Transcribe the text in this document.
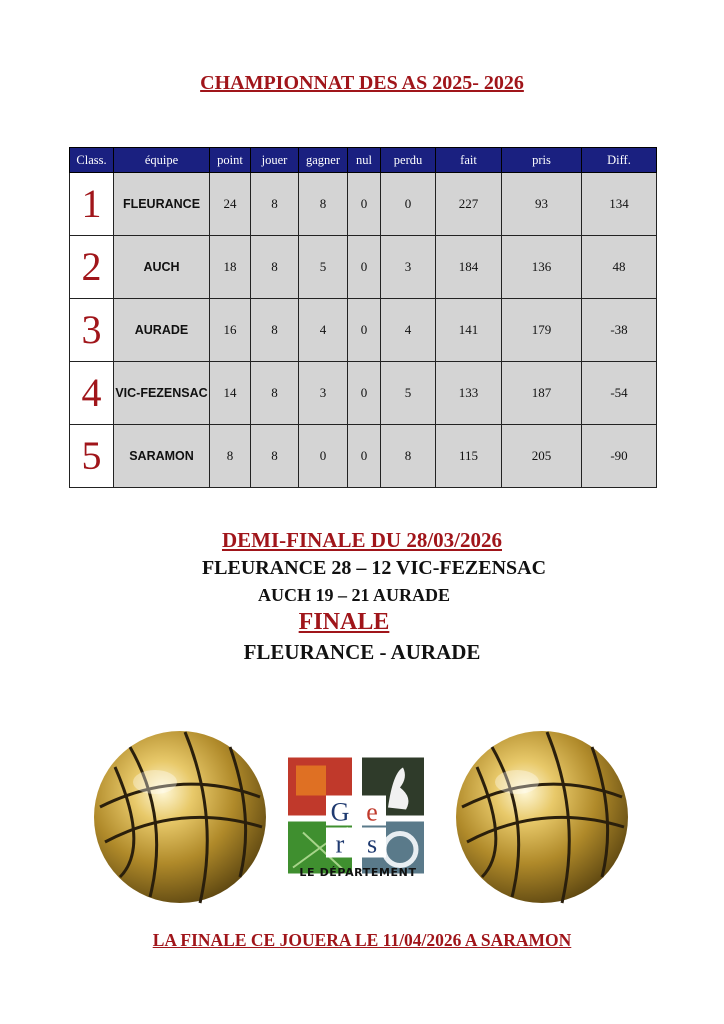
CHAMPIONNAT DES AS 2025- 2026
Class.	équipe	point	jouer	gagner	nul	perdu	fait	pris	Diff.
1	FLEURANCE	24	8	8	0	0	227	93	134
2	AUCH	18	8	5	0	3	184	136	48
3	AURADE	16	8	4	0	4	141	179	-38
4	VIC-FEZENSAC	14	8	3	0	5	133	187	-54
5	SARAMON	8	8	0	0	8	115	205	-90
DEMI-FINALE DU 28/03/2026
FLEURANCE 28 – 12 VIC-FEZENSAC
AUCH 19 – 21 AURADE
FINALE
FLEURANCE - AURADE
G e
r s
LE DÉPARTEMENT
LA FINALE CE JOUERA LE 11/04/2026 A SARAMON
